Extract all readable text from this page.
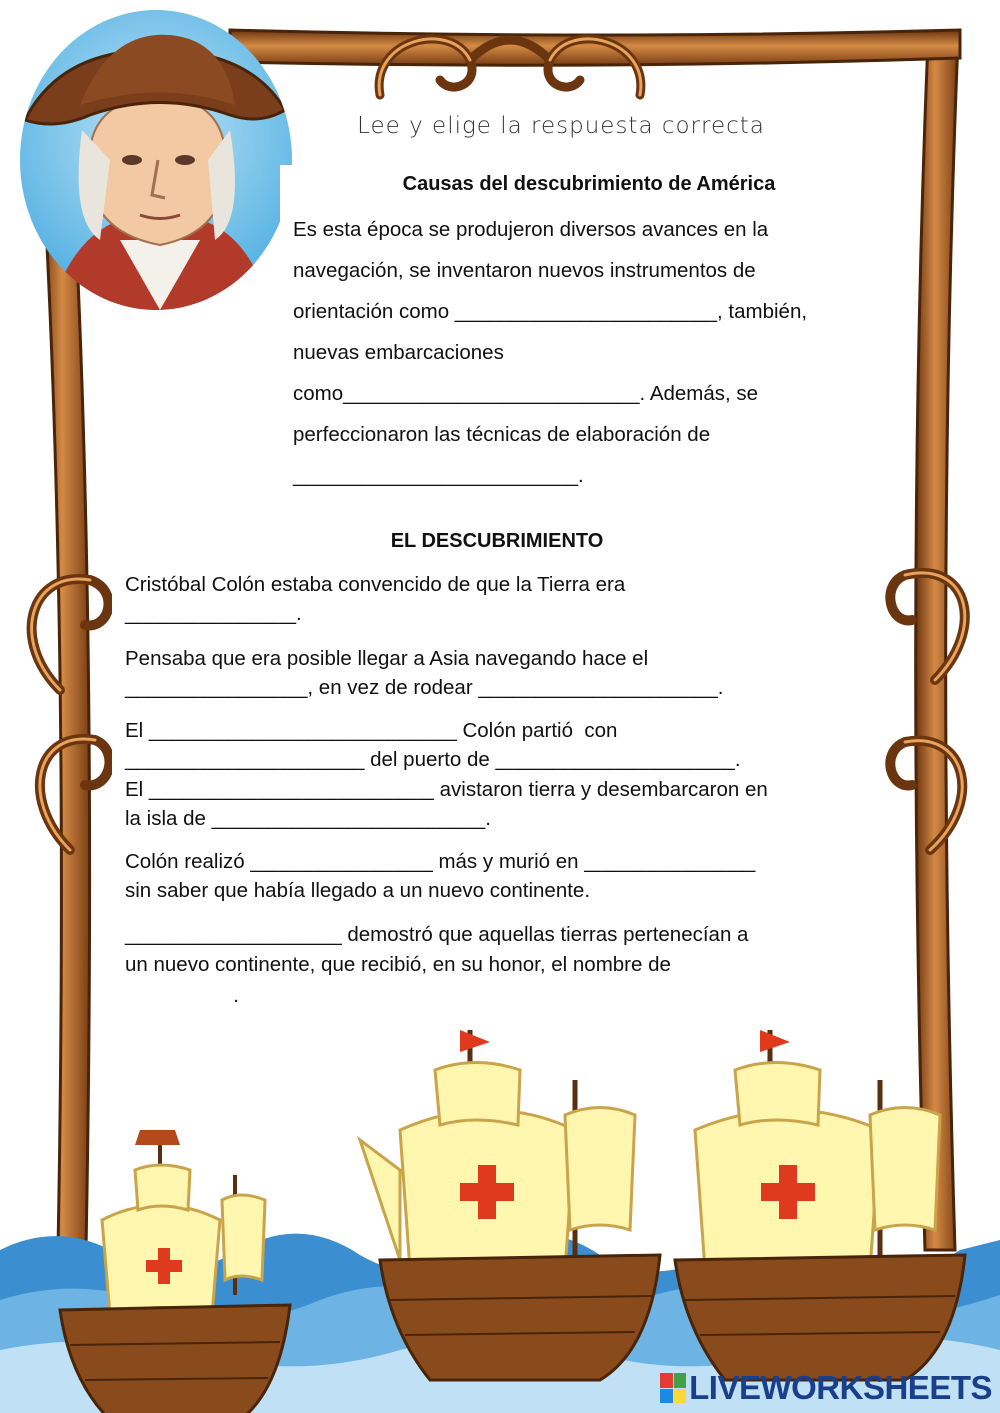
Lee y elige la respuesta correcta
Causas del descubrimiento de América
Es esta época se produjeron diversos avances en la
navegación, se inventaron nuevos instrumentos de
orientación como _______________________, también,
nuevas embarcaciones
como__________________________. Además, se
perfeccionaron las técnicas de elaboración de
_________________________.
EL DESCUBRIMIENTO
Cristóbal Colón estaba convencido de que la Tierra era
_______________.
Pensaba que era posible llegar a Asia navegando hace el
________________, en vez de rodear _____________________.
El ___________________________ Colón partió  con
_____________________ del puerto de _____________________.
El _________________________ avistaron tierra y desembarcaron en
la isla de ________________________.
Colón realizó ________________ más y murió en _______________
sin saber que había llegado a un nuevo continente.
___________________ demostró que aquellas tierras pertenecían a
un nuevo continente, que recibió, en su honor, el nombre de
.
LIVEWORKSHEETS
